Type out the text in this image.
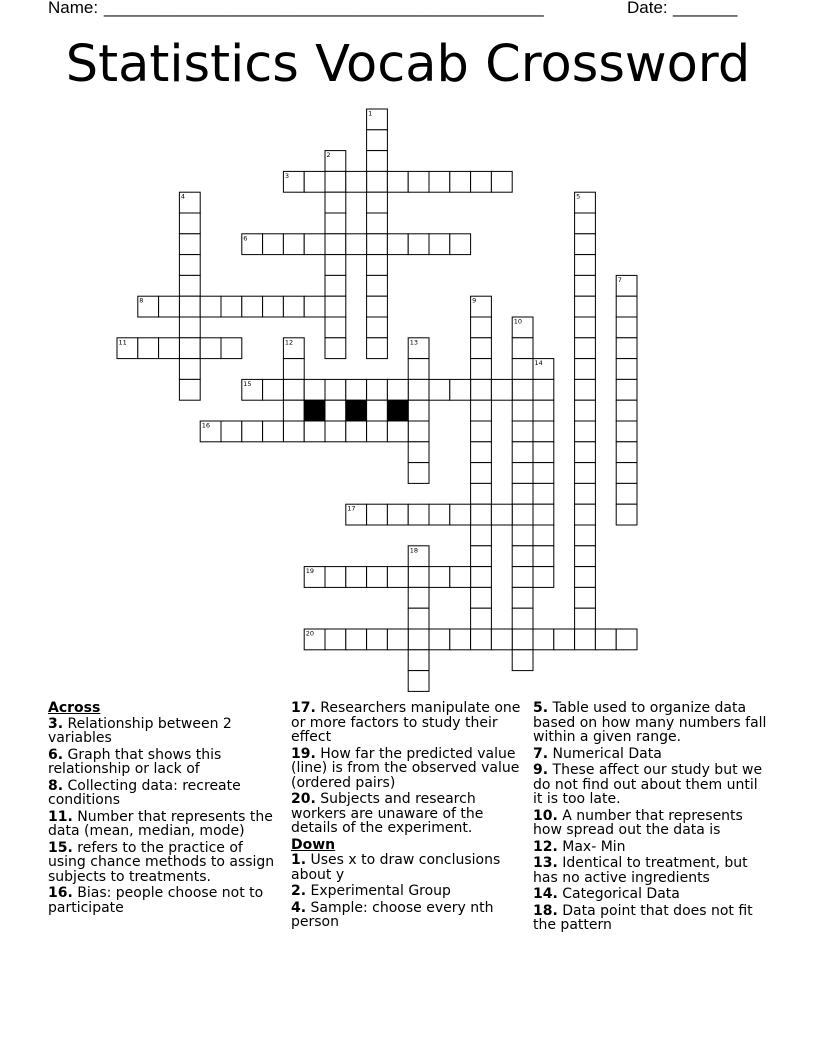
Name: ________________________________________________	Date: _______
Statistics Vocab Crossword
1
2
3
4	5
6
7
8	9
10
11	12	13
14
15
16
17
18
19
20
Across
3. Relationship between 2 variables
6. Graph that shows this relationship or lack of
8. Collecting data: recreate conditions
11. Number that represents the data (mean, median, mode)
15. refers to the practice of using chance methods to assign subjects to treatments.
16. Bias: people choose not to participate
17. Researchers manipulate one or more factors to study their effect
19. How far the predicted value (line) is from the observed value (ordered pairs)
20. Subjects and research workers are unaware of the details of the experiment.
Down
1. Uses x to draw conclusions about y
2. Experimental Group
4. Sample: choose every nth person
5. Table used to organize data based on how many numbers fall within a given range.
7. Numerical Data
9. These affect our study but we do not find out about them until it is too late.
10. A number that represents how spread out the data is
12. Max- Min
13. Identical to treatment, but has no active ingredients
14. Categorical Data
18. Data point that does not fit the pattern
